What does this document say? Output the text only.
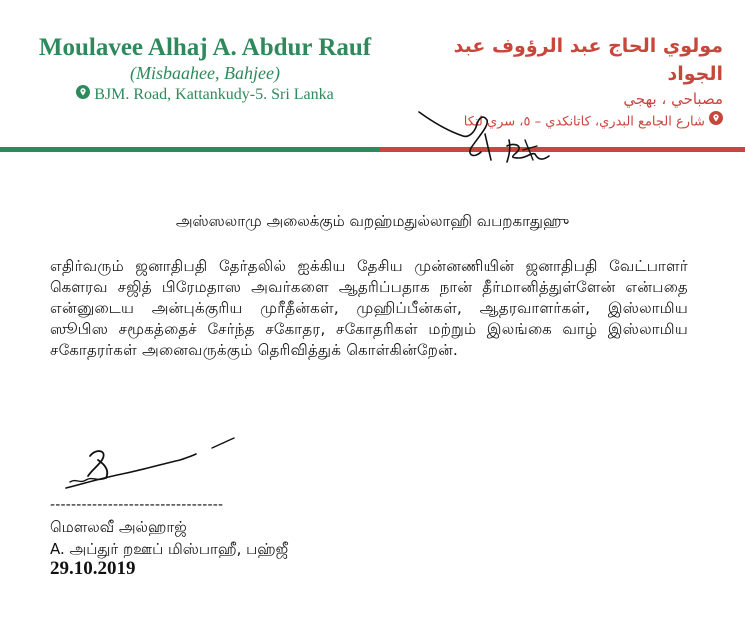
Moulavee Alhaj A. Abdur Rauf
(Misbaahee, Bahjee)
BJM. Road, Kattankudy-5. Sri Lanka
مولوي الحاج عبد الرؤوف عبد الجواد
مصباحي ، بهجي
شارع الجامع البدري، كاتانكدي – ٥، سري لنكا
அஸ்ஸலாமு அலைக்கும் வறஹ்மதுல்லாஹி வபறகாதுஹு
எதிர்வரும் ஜனாதிபதி தேர்தலில் ஐக்கிய தேசிய முன்னணியின் ஜனாதிபதி வேட்பாளர் கௌரவ சஜித் பிரேமதாஸ அவர்களை ஆதரிப்பதாக நான் தீர்மானித்துள்ளேன் என்பதை என்னுடைய அன்புக்குரிய முரீதீன்கள், முஹிப்பீன்கள், ஆதரவாளர்கள், இஸ்லாமிய ஸூபிஸ சமூகத்தைச் சேர்ந்த சகோதர, சகோதரிகள் மற்றும் இலங்கை வாழ் இஸ்லாமிய சகோதரர்கள் அனைவருக்கும் தெரிவித்துக் கொள்கின்றேன்.
---------------------------------
மௌலவீ அல்ஹாஜ்
A. அப்துர் றஊப் மிஸ்பாஹீ, பஹ்ஜீ
29.10.2019
